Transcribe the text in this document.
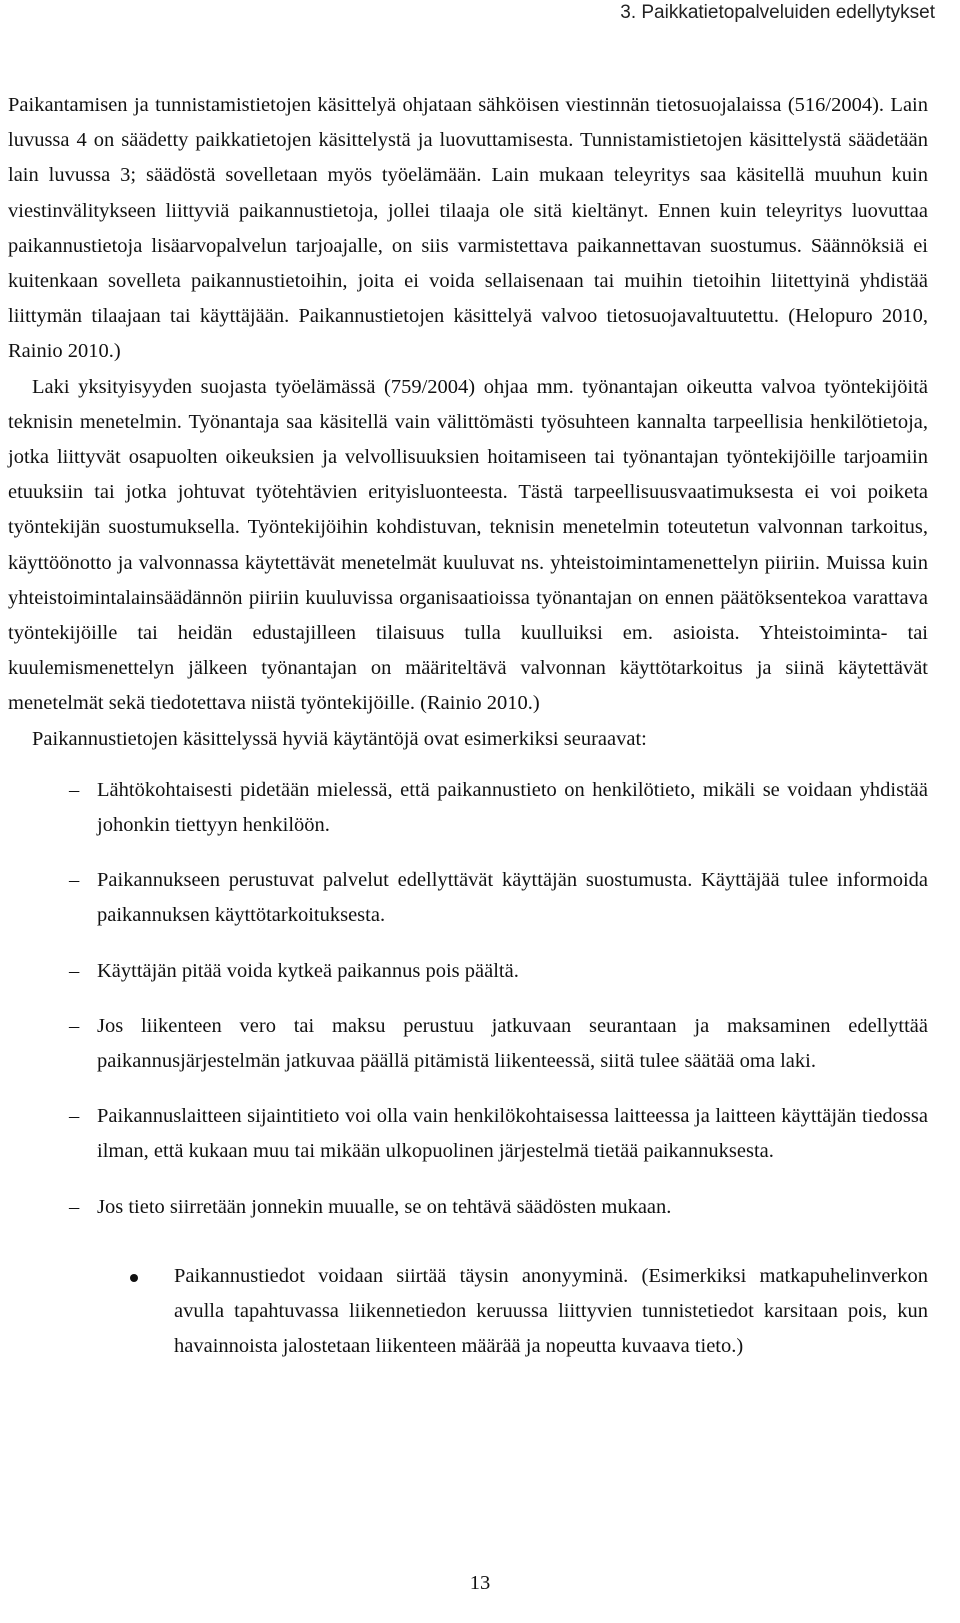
3. Paikkatietopalveluiden edellytykset

Paikantamisen ja tunnistamistietojen käsittelyä ohjataan sähköisen viestinnän tietosuojalaissa (516/2004). Lain luvussa 4 on säädetty paikkatietojen käsittelystä ja luovuttamisesta. Tunnistamistietojen käsittelystä säädetään lain luvussa 3; säädöstä sovelletaan myös työelämään. Lain mukaan teleyritys saa käsitellä muuhun kuin viestinvälitykseen liittyviä paikannustietoja, jollei tilaaja ole sitä kieltänyt. Ennen kuin teleyritys luovuttaa paikannustietoja lisäarvopalvelun tarjoajalle, on siis varmistettava paikannettavan suostumus. Säännöksiä ei kuitenkaan sovelleta paikannustietoihin, joita ei voida sellaisenaan tai muihin tietoihin liitettyinä yhdistää liittymän tilaajaan tai käyttäjään. Paikannustietojen käsittelyä valvoo tietosuojavaltuutettu. (Helopuro 2010, Rainio 2010.)

Laki yksityisyyden suojasta työelämässä (759/2004) ohjaa mm. työnantajan oikeutta valvoa työntekijöitä teknisin menetelmin. Työnantaja saa käsitellä vain välittömästi työsuhteen kannalta tarpeellisia henkilötietoja, jotka liittyvät osapuolten oikeuksien ja velvollisuuksien hoitamiseen tai työnantajan työntekijöille tarjoamiin etuuksiin tai jotka johtuvat työtehtävien erityisluonteesta. Tästä tarpeellisuusvaatimuksesta ei voi poiketa työntekijän suostumuksella. Työntekijöihin kohdistuvan, teknisin menetelmin toteutetun valvonnan tarkoitus, käyttöönotto ja valvonnassa käytettävät menetelmät kuuluvat ns. yhteistoimintamenettelyn piiriin. Muissa kuin yhteistoimintalainsäädännön piiriin kuuluvissa organisaatioissa työnantajan on ennen päätöksentekoa varattava työntekijöille tai heidän edustajilleen tilaisuus tulla kuulluiksi em. asioista. Yhteistoiminta- tai kuulemismenettelyn jälkeen työnantajan on määriteltävä valvonnan käyttötarkoitus ja siinä käytettävät menetelmät sekä tiedotettava niistä työntekijöille. (Rainio 2010.)

Paikannustietojen käsittelyssä hyviä käytäntöjä ovat esimerkiksi seuraavat:

– Lähtökohtaisesti pidetään mielessä, että paikannustieto on henkilötieto, mikäli se voidaan yhdistää johonkin tiettyyn henkilöön.
– Paikannukseen perustuvat palvelut edellyttävät käyttäjän suostumusta. Käyttäjää tulee informoida paikannuksen käyttötarkoituksesta.
– Käyttäjän pitää voida kytkeä paikannus pois päältä.
– Jos liikenteen vero tai maksu perustuu jatkuvaan seurantaan ja maksaminen edellyttää paikannusjärjestelmän jatkuvaa päällä pitämistä liikenteessä, siitä tulee säätää oma laki.
– Paikannuslaitteen sijaintitieto voi olla vain henkilökohtaisessa laitteessa ja laitteen käyttäjän tiedossa ilman, että kukaan muu tai mikään ulkopuolinen järjestelmä tietää paikannuksesta.
– Jos tieto siirretään jonnekin muualle, se on tehtävä säädösten mukaan.
Paikannustiedot voidaan siirtää täysin anonyyminä. (Esimerkiksi matkapuhelinverkon avulla tapahtuvassa liikennetiedon keruussa liittyvien tunnistetiedot karsitaan pois, kun havainnoista jalostetaan liikenteen määrää ja nopeutta kuvaava tieto.)
13
